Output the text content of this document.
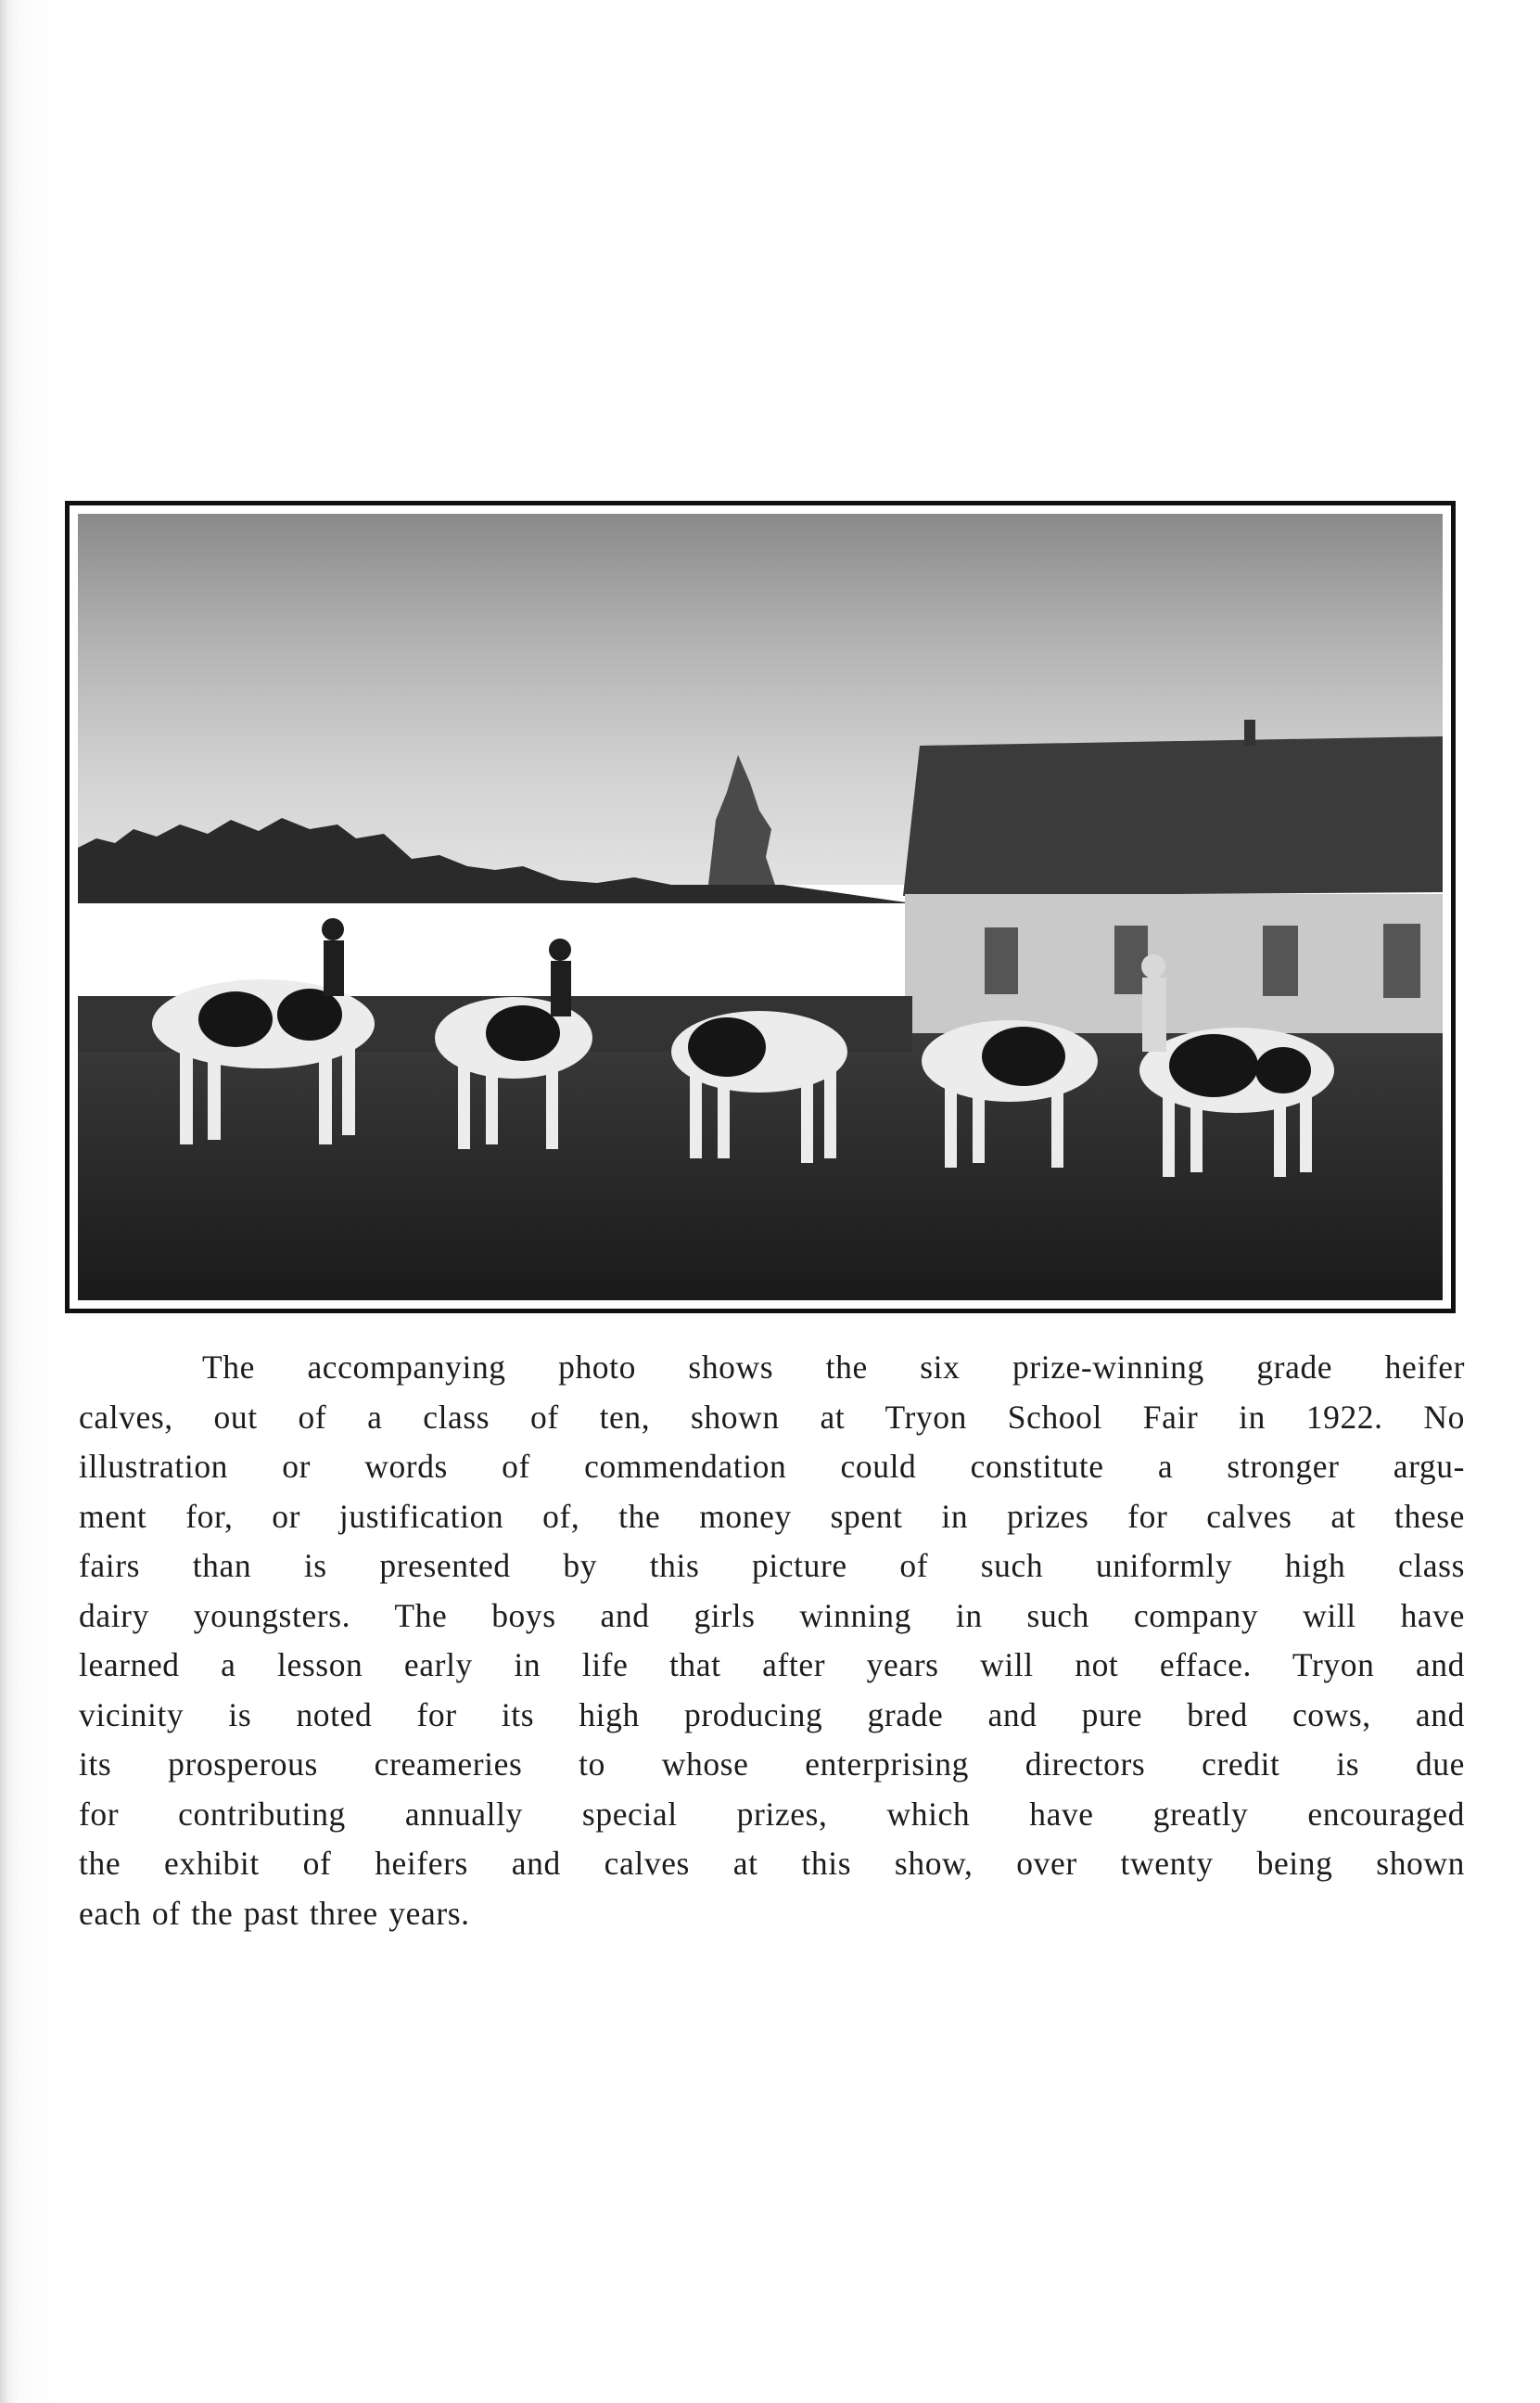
The accompanying photo shows the six prize-winning grade heifer
calves, out of a class of ten, shown at Tryon School Fair in 1922. No
illustration or words of commendation could constitute a stronger argu-
ment for, or justification of, the money spent in prizes for calves at these
fairs than is presented by this picture of such uniformly high class
dairy youngsters. The boys and girls winning in such company will have
learned a lesson early in life that after years will not efface. Tryon and
vicinity is noted for its high producing grade and pure bred cows, and
its prosperous creameries to whose enterprising directors credit is due
for contributing annually special prizes, which have greatly encouraged
the exhibit of heifers and calves at this show, over twenty being shown
each of the past three years.
